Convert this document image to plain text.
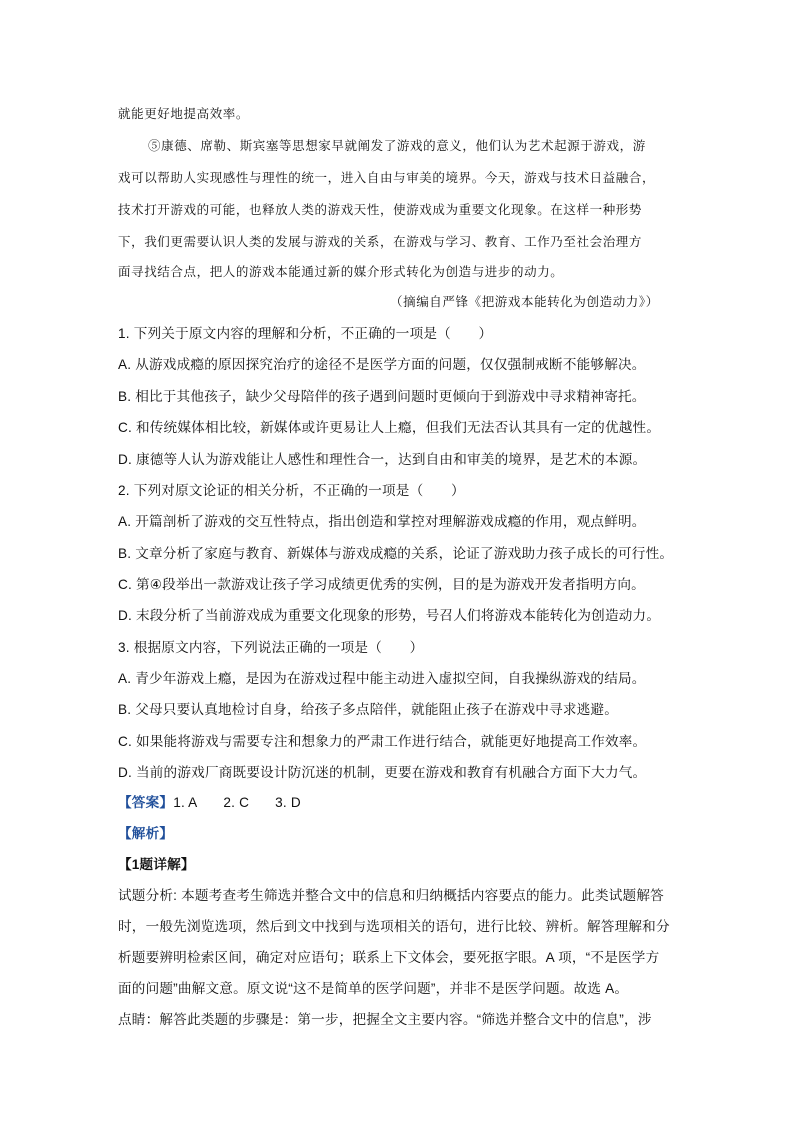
就能更好地提高效率。
⑤康德、席勒、斯宾塞等思想家早就阐发了游戏的意义，他们认为艺术起源于游戏，游
戏可以帮助人实现感性与理性的统一，进入自由与审美的境界。今天，游戏与技术日益融合，
技术打开游戏的可能，也释放人类的游戏天性，使游戏成为重要文化现象。在这样一种形势
下，我们更需要认识人类的发展与游戏的关系，在游戏与学习、教育、工作乃至社会治理方
面寻找结合点，把人的游戏本能通过新的媒介形式转化为创造与进步的动力。
（摘编自严锋《把游戏本能转化为创造动力》）
1. 下列关于原文内容的理解和分析，不正确的一项是（　　）
A. 从游戏成瘾的原因探究治疗的途径不是医学方面的问题，仅仅强制戒断不能够解决。
B. 相比于其他孩子，缺少父母陪伴的孩子遇到问题时更倾向于到游戏中寻求精神寄托。
C. 和传统媒体相比较，新媒体或许更易让人上瘾，但我们无法否认其具有一定的优越性。
D. 康德等人认为游戏能让人感性和理性合一，达到自由和审美的境界，是艺术的本源。
2. 下列对原文论证的相关分析，不正确的一项是（　　）
A. 开篇剖析了游戏的交互性特点，指出创造和掌控对理解游戏成瘾的作用，观点鲜明。
B. 文章分析了家庭与教育、新媒体与游戏成瘾的关系，论证了游戏助力孩子成长的可行性。
C. 第④段举出一款游戏让孩子学习成绩更优秀的实例，目的是为游戏开发者指明方向。
D. 末段分析了当前游戏成为重要文化现象的形势，号召人们将游戏本能转化为创造动力。
3. 根据原文内容，下列说法正确的一项是（　　）
A. 青少年游戏上瘾，是因为在游戏过程中能主动进入虚拟空间，自我操纵游戏的结局。
B. 父母只要认真地检讨自身，给孩子多点陪伴，就能阻止孩子在游戏中寻求逃避。
C. 如果能将游戏与需要专注和想象力的严肃工作进行结合，就能更好地提高工作效率。
D. 当前的游戏厂商既要设计防沉迷的机制，更要在游戏和教育有机融合方面下大力气。
【答案】1. A 2. C 3. D
【解析】
【1题详解】
试题分析: 本题考查考生筛选并整合文中的信息和归纳概括内容要点的能力。此类试题解答
时，一般先浏览选项，然后到文中找到与选项相关的语句，进行比较、辨析。解答理解和分
析题要辨明检索区间，确定对应语句；联系上下文体会，要死抠字眼。A 项，“不是医学方
面的问题”曲解文意。原文说“这不是简单的医学问题”，并非不是医学问题。故选 A。
点睛：解答此类题的步骤是：第一步，把握全文主要内容。“筛选并整合文中的信息”，涉
